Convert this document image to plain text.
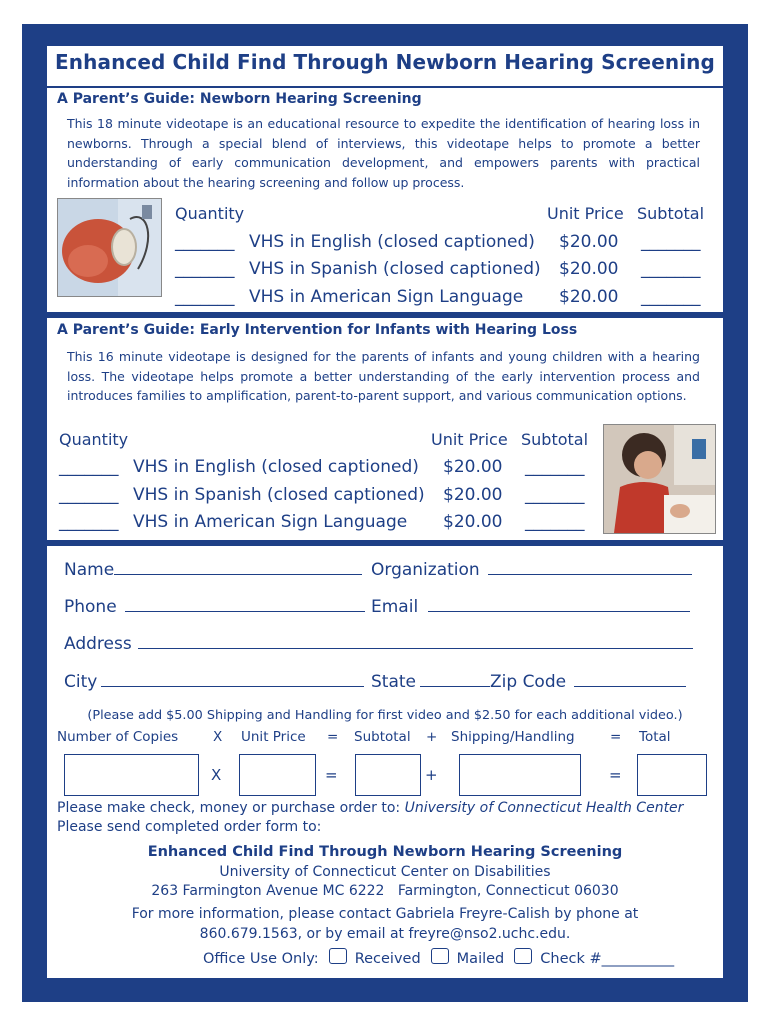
Enhanced Child Find Through Newborn Hearing Screening
A Parent’s Guide: Newborn Hearing Screening
This 18 minute videotape is an educational resource to expedite the identification of hearing loss in newborns. Through a special blend of interviews, this videotape helps to promote a better understanding of early communication development, and empowers parents with practical information about the hearing screening and follow up process.
Quantity	Unit Price Subtotal
_______ VHS in English (closed captioned) $20.00 _______
_______ VHS in Spanish (closed captioned) $20.00 _______
_______ VHS in American Sign Language $20.00 _______
A Parent’s Guide: Early Intervention for Infants with Hearing Loss
This 16 minute videotape is designed for the parents of infants and young children with a hearing loss. The videotape helps promote a better understanding of the early intervention process and introduces families to amplification, parent-to-parent support, and various communication options.
Quantity	Unit Price Subtotal
_______ VHS in English (closed captioned) $20.00 _______
_______ VHS in Spanish (closed captioned) $20.00 _______
_______ VHS in American Sign Language $20.00 _______
Name	Organization
Phone	Email
Address
City	State	Zip Code
(Please add $5.00 Shipping and Handling for first video and $2.50 for each additional video.)
Number of Copies	X Unit Price = Subtotal + Shipping/Handling	= Total
X	=	+	=
Please make check, money or purchase order to: University of Connecticut Health Center
Please send completed order form to:
Enhanced Child Find Through Newborn Hearing Screening
University of Connecticut Center on Disabilities
263 Farmington Avenue MC 6222   Farmington, Connecticut 06030
For more information, please contact Gabriela Freyre-Calish by phone at
860.679.1563, or by email at freyre@nso2.uchc.edu.
Office Use Only: Received Mailed Check #__________
